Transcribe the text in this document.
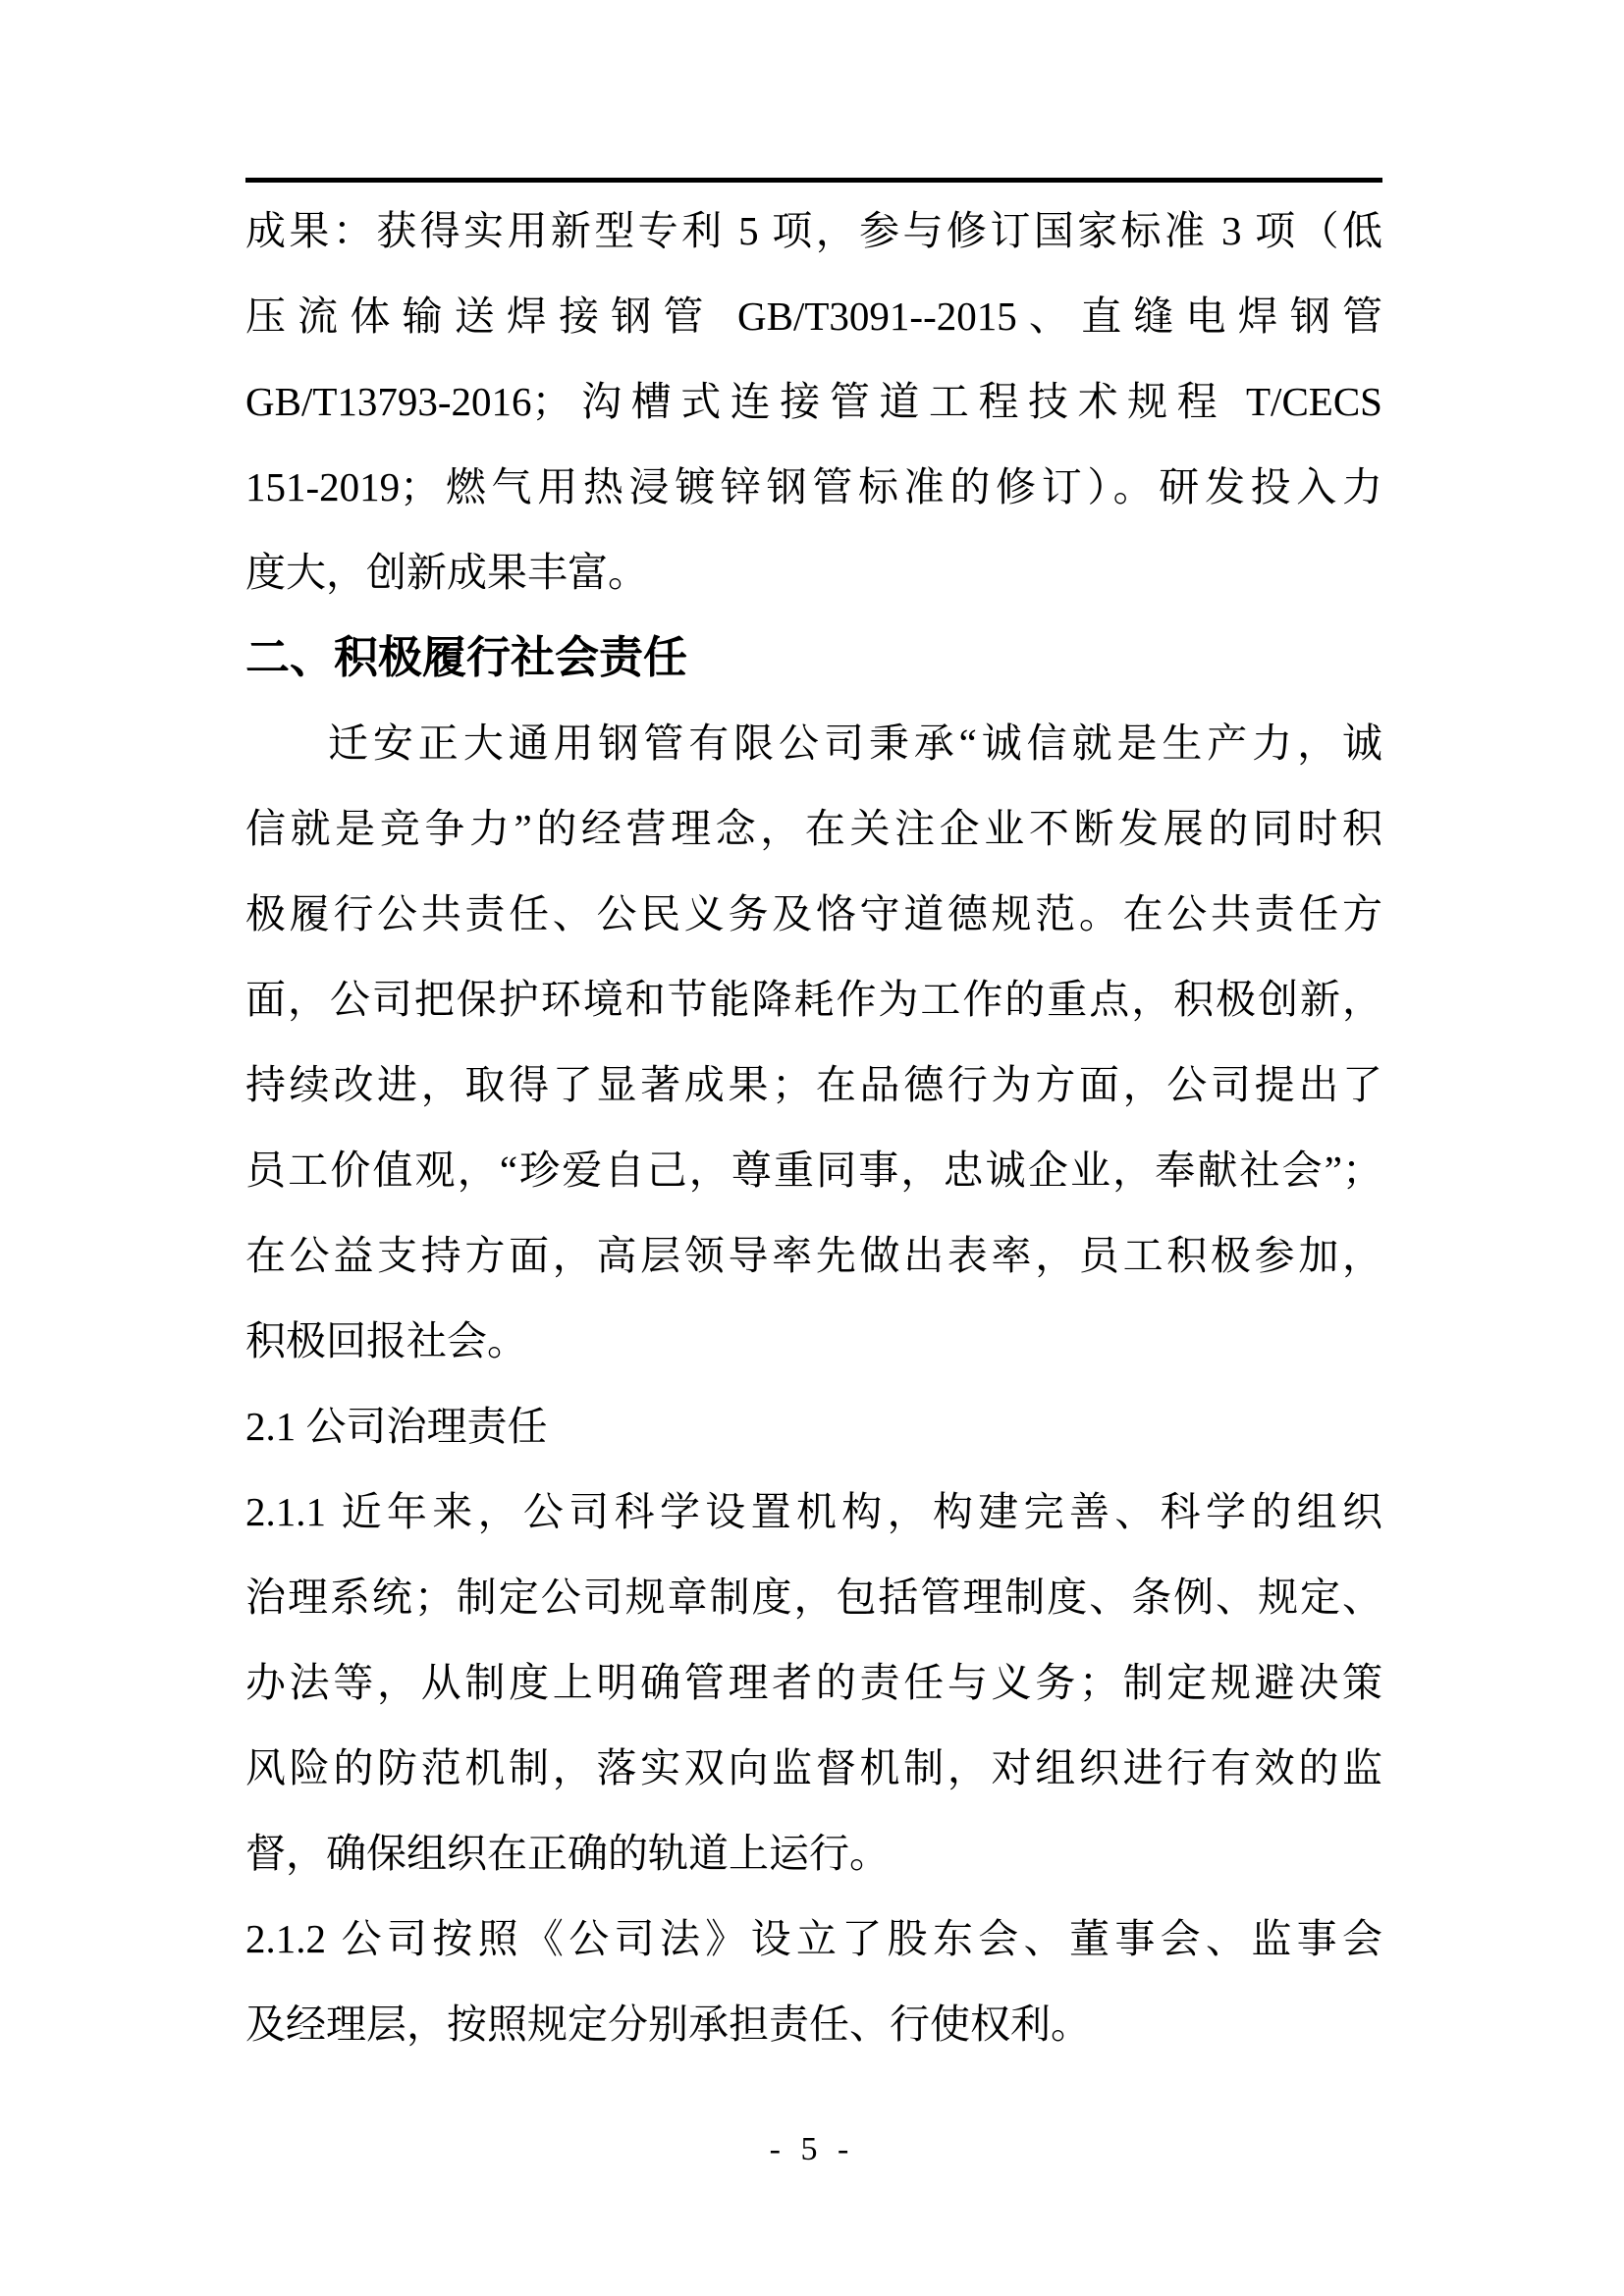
成果：获得实用新型专利 5 项，参与修订国家标准 3 项（低
压流体输送焊接钢管 GB/T3091--2015、直缝电焊钢管
GB/T13793-2016；沟槽式连接管道工程技术规程 T/CECS
151-2019；燃气用热浸镀锌钢管标准的修订）。研发投入力
度大，创新成果丰富。
二、积极履行社会责任
迁安正大通用钢管有限公司秉承“诚信就是生产力，诚
信就是竞争力”的经营理念，在关注企业不断发展的同时积
极履行公共责任、公民义务及恪守道德规范。在公共责任方
面，公司把保护环境和节能降耗作为工作的重点，积极创新，
持续改进，取得了显著成果；在品德行为方面，公司提出了
员工价值观，“珍爱自己，尊重同事，忠诚企业，奉献社会”；
在公益支持方面，高层领导率先做出表率，员工积极参加，
积极回报社会。
2.1 公司治理责任
2.1.1 近年来，公司科学设置机构，构建完善、科学的组织
治理系统；制定公司规章制度，包括管理制度、条例、规定、
办法等，从制度上明确管理者的责任与义务；制定规避决策
风险的防范机制，落实双向监督机制，对组织进行有效的监
督，确保组织在正确的轨道上运行。
2.1.2 公司按照《公司法》设立了股东会、董事会、监事会
及经理层，按照规定分别承担责任、行使权利。
- 5 -
